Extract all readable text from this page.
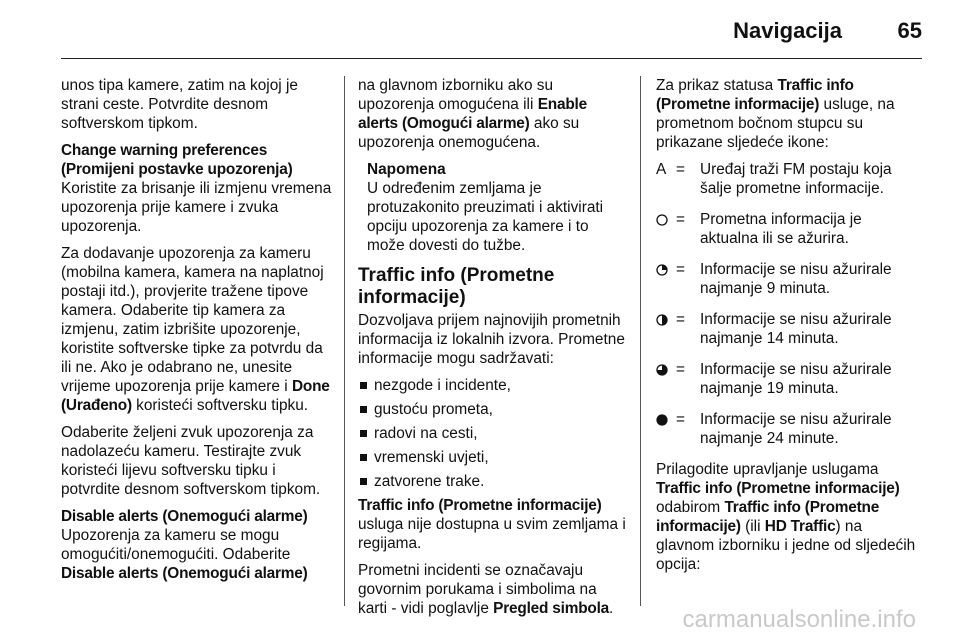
Navigacija	65

unos tipa kamere, zatim na kojoj je strani ceste. Potvrdite desnom softverskom tipkom.

Change warning preferences (Promijeni postavke upozorenja)

Koristite za brisanje ili izmjenu vremena upozorenja prije kamere i zvuka upozorenja.

Za dodavanje upozorenja za kameru (mobilna kamera, kamera na naplatnoj postaji itd.), provjerite tražene tipove kamera. Odaberite tip kamera za izmjenu, zatim izbrišite upozorenje, koristite softverske tipke za potvrdu da ili ne. Ako je odabrano ne, unesite vrijeme upozorenja prije kamere i Done (Urađeno) koristeći softversku tipku.

Odaberite željeni zvuk upozorenja za nadolazeću kameru. Testirajte zvuk koristeći lijevu softversku tipku i potvrdite desnom softverskom tipkom.

Disable alerts (Onemogući alarme)

Upozorenja za kameru se mogu omogućiti/onemogućiti. Odaberite Disable alerts (Onemogući alarme)

na glavnom izborniku ako su upozorenja omogućena ili Enable alerts (Omogući alarme) ako su upozorenja onemogućena.

Napomena
U određenim zemljama je protuzakonito preuzimati i aktivirati opciju upozorenja za kamere i to može dovesti do tužbe.
Traffic info (Prometne informacije)

Dozvoljava prijem najnovijih prometnih informacija iz lokalnih izvora. Prometne informacije mogu sadržavati:

nezgode i incidente,
gustoću prometa,
radovi na cesti,
vremenski uvjeti,
zatvorene trake.
Traffic info (Prometne informacije)

usluga nije dostupna u svim zemljama i regijama.

Prometni incidenti se označavaju govornim porukama i simbolima na karti - vidi poglavlje Pregled simbola.

Za prikaz statusa Traffic info (Prometne informacije) usluge, na prometnom bočnom stupcu su prikazane sljedeće ikone:

A = Uređaj traži FM postaju koja šalje prometne informacije.
= Prometna informacija je aktualna ili se ažurira.
= Informacije se nisu ažurirale najmanje 9 minuta.
= Informacije se nisu ažurirale najmanje 14 minuta.
= Informacije se nisu ažurirale najmanje 19 minuta.
= Informacije se nisu ažurirale najmanje 24 minute.

Prilagodite upravljanje uslugama Traffic info (Prometne informacije) odabirom Traffic info (Prometne informacije) (ili HD Traffic) na glavnom izborniku i jedne od sljedećih opcija:

carmanualsonline.info
